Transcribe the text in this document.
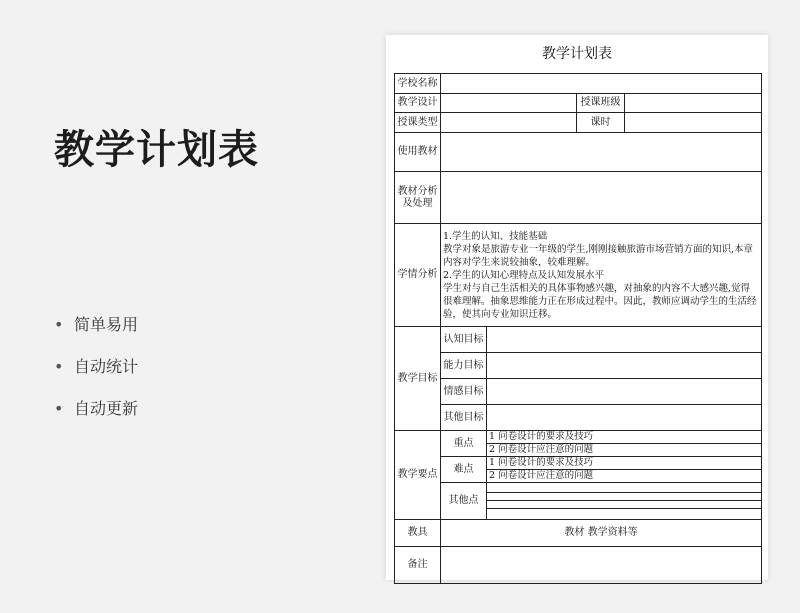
教学计划表
• 简单易用
• 自动统计
• 自动更新
教学计划表
学校名称				
教学设计			授课班级	
授课类型			课时	
使用教材				
教材分析及处理				
学情分析	1.学生的认知、技能基础
教学对象是旅游专业一年级的学生,刚刚接触旅游市场营销方面的知识,本章内容对学生来说较抽象，较难理解。
2.学生的认知心理特点及认知发展水平
学生对与自己生活相关的具体事物感兴趣，对抽象的内容不大感兴趣,觉得很难理解。抽象思维能力正在形成过程中。因此，教师应调动学生的生活经验，使其向专业知识迁移。			

教学目标	认知目标			
	能力目标			
	情感目标			
	其他目标			
教学要点	重点	1 问卷设计的要求及技巧		
		2 问卷设计应注意的问题		
	难点	1 问卷设计的要求及技巧		
		2 问卷设计应注意的问题		
	其他点			

教具	教材 教学资料等			
备注				
